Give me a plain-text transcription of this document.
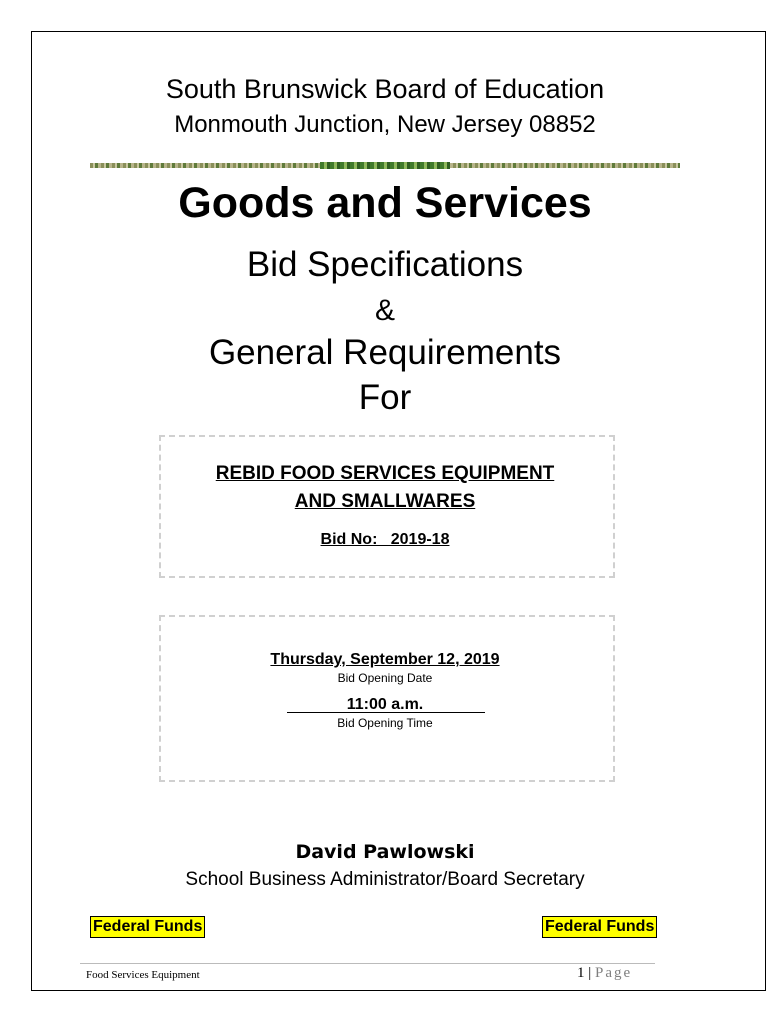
South Brunswick Board of Education
Monmouth Junction, New Jersey 08852
Goods and Services
Bid Specifications
&
General Requirements
For
REBID FOOD SERVICES EQUIPMENT
AND SMALLWARES
Bid No:   2019-18
Thursday, September 12, 2019
Bid Opening Date
11:00 a.m.
Bid Opening Time
David Pawlowski
School Business Administrator/Board Secretary
Federal Funds	Federal Funds
Food Services Equipment	1 | Page
